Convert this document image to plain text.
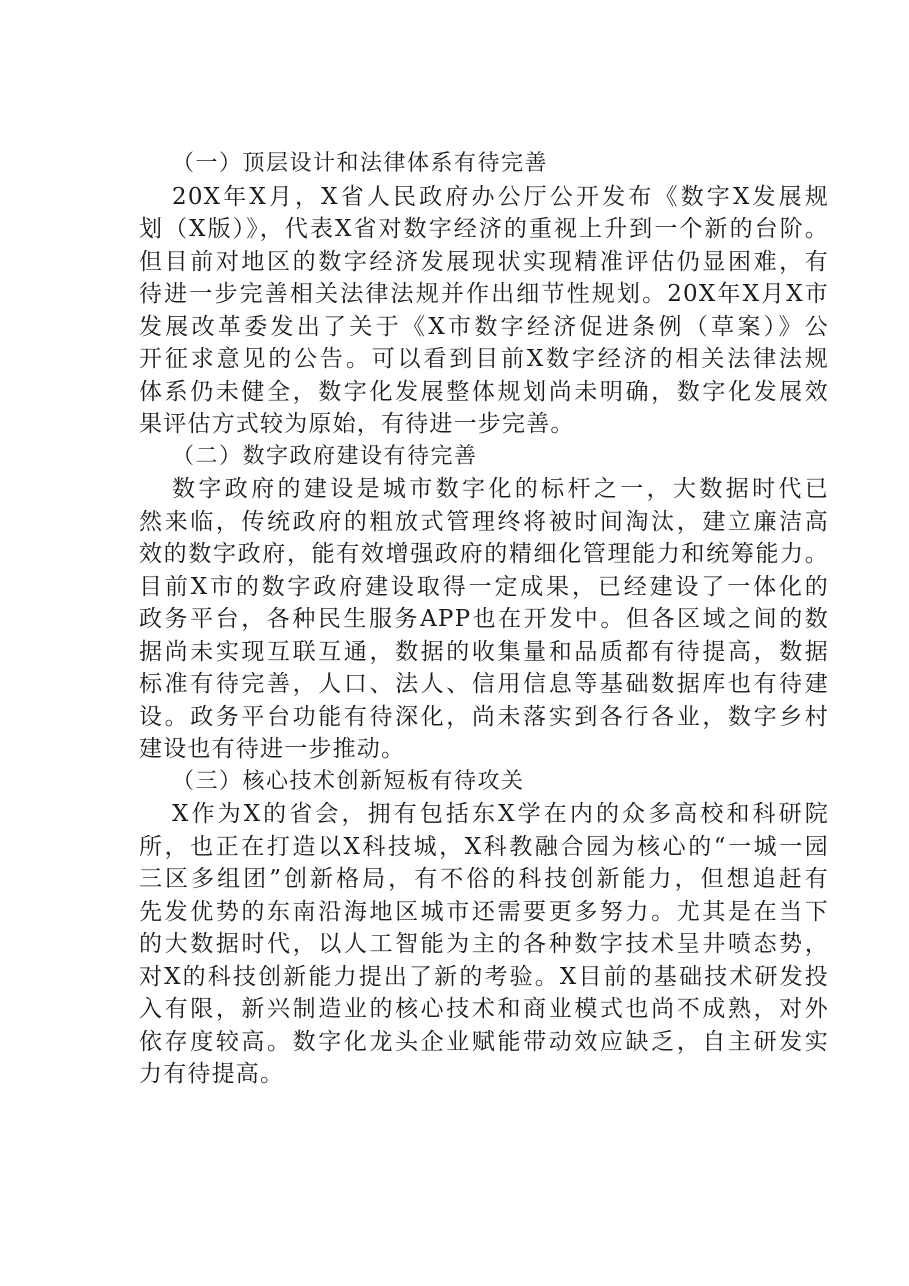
（一）顶层设计和法律体系有待完善
20X年X月，X省人民政府办公厅公开发布《数字X发展规
划（X版）》，代表X省对数字经济的重视上升到一个新的台阶。
但目前对地区的数字经济发展现状实现精准评估仍显困难，有
待进一步完善相关法律法规并作出细节性规划。20X年X月X市
发展改革委发出了关于《X市数字经济促进条例（草案）》公
开征求意见的公告。可以看到目前X数字经济的相关法律法规
体系仍未健全，数字化发展整体规划尚未明确，数字化发展效
果评估方式较为原始，有待进一步完善。
（二）数字政府建设有待完善
数字政府的建设是城市数字化的标杆之一，大数据时代已
然来临，传统政府的粗放式管理终将被时间淘汰，建立廉洁高
效的数字政府，能有效增强政府的精细化管理能力和统筹能力。
目前X市的数字政府建设取得一定成果，已经建设了一体化的
政务平台，各种民生服务APP也在开发中。但各区域之间的数
据尚未实现互联互通，数据的收集量和品质都有待提高，数据
标准有待完善，人口、法人、信用信息等基础数据库也有待建
设。政务平台功能有待深化，尚未落实到各行各业，数字乡村
建设也有待进一步推动。
（三）核心技术创新短板有待攻关
X作为X的省会，拥有包括东X学在内的众多高校和科研院
所，也正在打造以X科技城，X科教融合园为核心的“一城一园
三区多组团”创新格局，有不俗的科技创新能力，但想追赶有
先发优势的东南沿海地区城市还需要更多努力。尤其是在当下
的大数据时代，以人工智能为主的各种数字技术呈井喷态势，
对X的科技创新能力提出了新的考验。X目前的基础技术研发投
入有限，新兴制造业的核心技术和商业模式也尚不成熟，对外
依存度较高。数字化龙头企业赋能带动效应缺乏，自主研发实
力有待提高。
